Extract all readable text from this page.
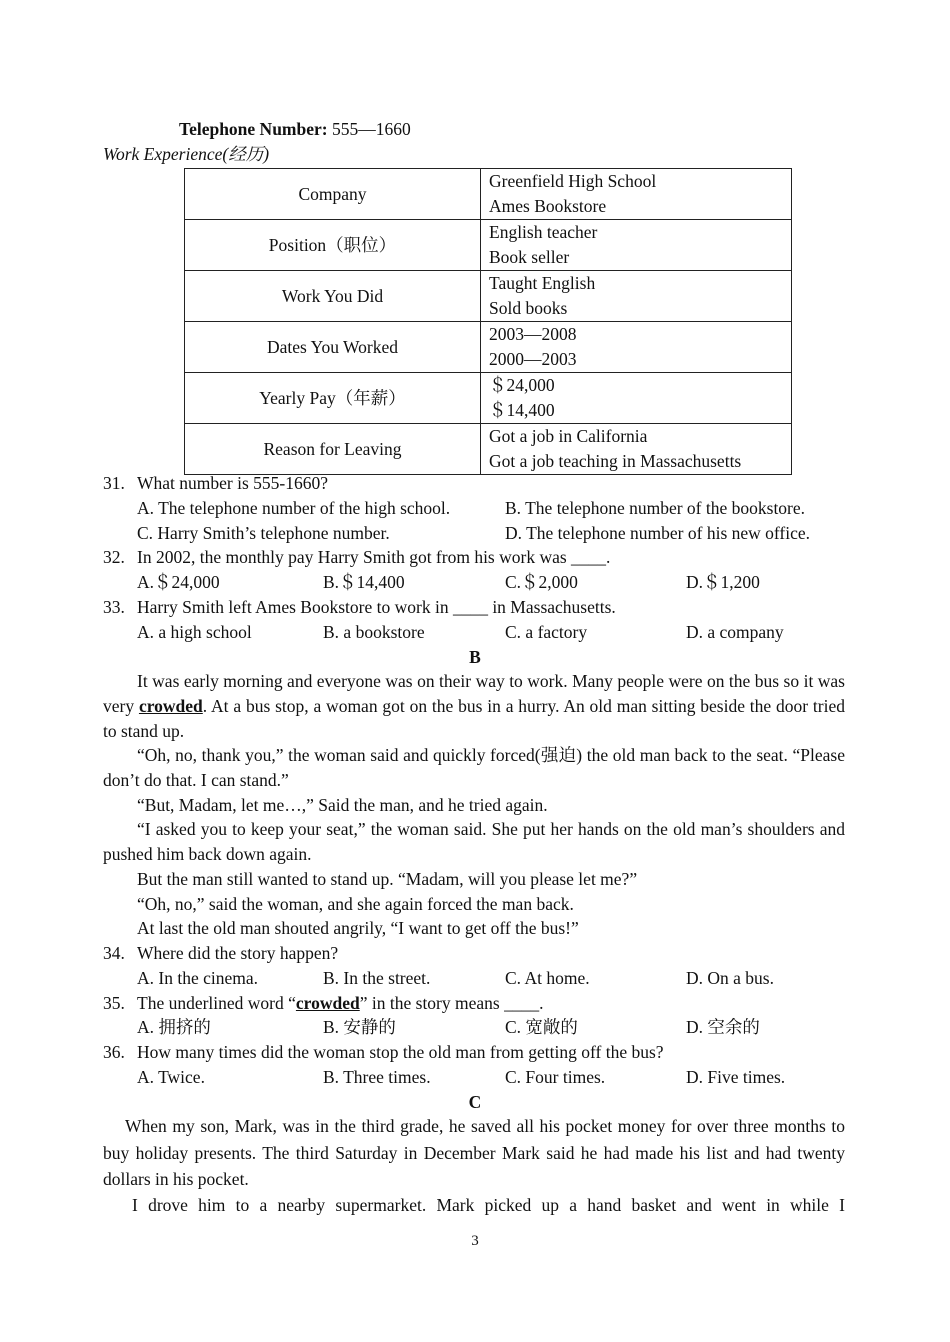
Telephone Number: 555—1660
Work Experience(经历)
Company	Greenfield High School
Ames Bookstore

Position（职位）	English teacher
Book seller

Work You Did	Taught English
Sold books

Dates You Worked	2003—2008
2000—2003

Yearly Pay（年薪）	＄24,000
＄14,400

Reason for Leaving	Got a job in California
Got a job teaching in Massachusetts
31. What number is 555-1660?
A. The telephone number of the high school.	B. The telephone number of the bookstore.
C. Harry Smith’s telephone number.	D. The telephone number of his new office.
32. In 2002, the monthly pay Harry Smith got from his work was ____.
A.＄24,000	B.＄14,400	C.＄2,000	D.＄1,200
33. Harry Smith left Ames Bookstore to work in ____ in Massachusetts.
A. a high school	B. a bookstore	C. a factory	D. a company
B
It was early morning and everyone was on their way to work. Many people were on the bus so it was very crowded. At a bus stop, a woman got on the bus in a hurry. An old man sitting beside the door tried to stand up.
“Oh, no, thank you,” the woman said and quickly forced(强迫) the old man back to the seat. “Please don’t do that. I can stand.”
“But, Madam, let me…,” Said the man, and he tried again.
“I asked you to keep your seat,” the woman said. She put her hands on the old man’s shoulders and pushed him back down again.
But the man still wanted to stand up. “Madam, will you please let me?”
“Oh, no,” said the woman, and she again forced the man back.
At last the old man shouted angrily, “I want to get off the bus!”
34. Where did the story happen?
A. In the cinema.	B. In the street.	C. At home.	D. On a bus.
35. The underlined word “crowded” in the story means ____.
A. 拥挤的	B. 安静的	C. 宽敞的	D. 空余的
36. How many times did the woman stop the old man from getting off the bus?
A. Twice.	B. Three times.	C. Four times.	D. Five times.
C
When my son, Mark, was in the third grade, he saved all his pocket money for over three months to buy holiday presents. The third Saturday in December Mark said he had made his list and had twenty dollars in his pocket.
I drove him to a nearby supermarket. Mark picked up a hand basket and went in while I
3
